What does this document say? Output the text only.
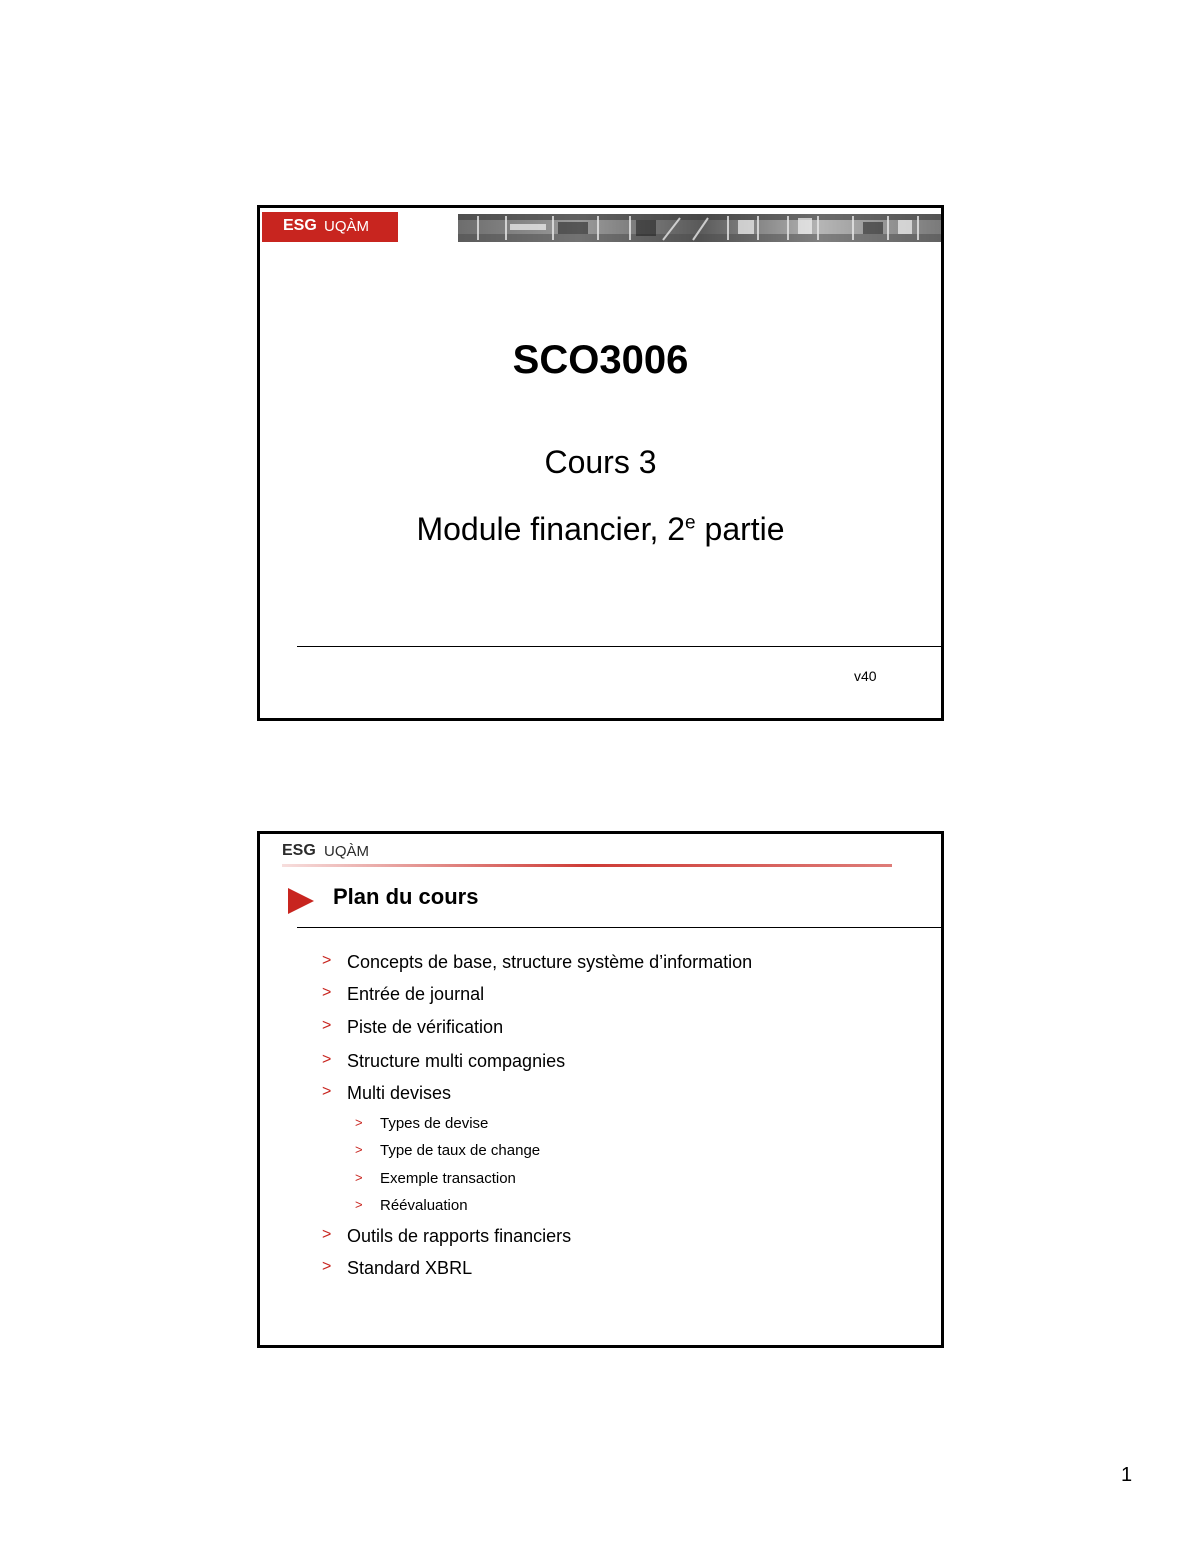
ESG UQÀM
SCO3006
Cours 3
Module financier, 2e partie
v40
ESG UQÀM
Plan du cours
> Concepts de base, structure système d’information
> Entrée de journal
> Piste de vérification
> Structure multi compagnies
> Multi devises
> Types de devise
> Type de taux de change
> Exemple transaction
> Réévaluation
> Outils de rapports financiers
> Standard XBRL
1
